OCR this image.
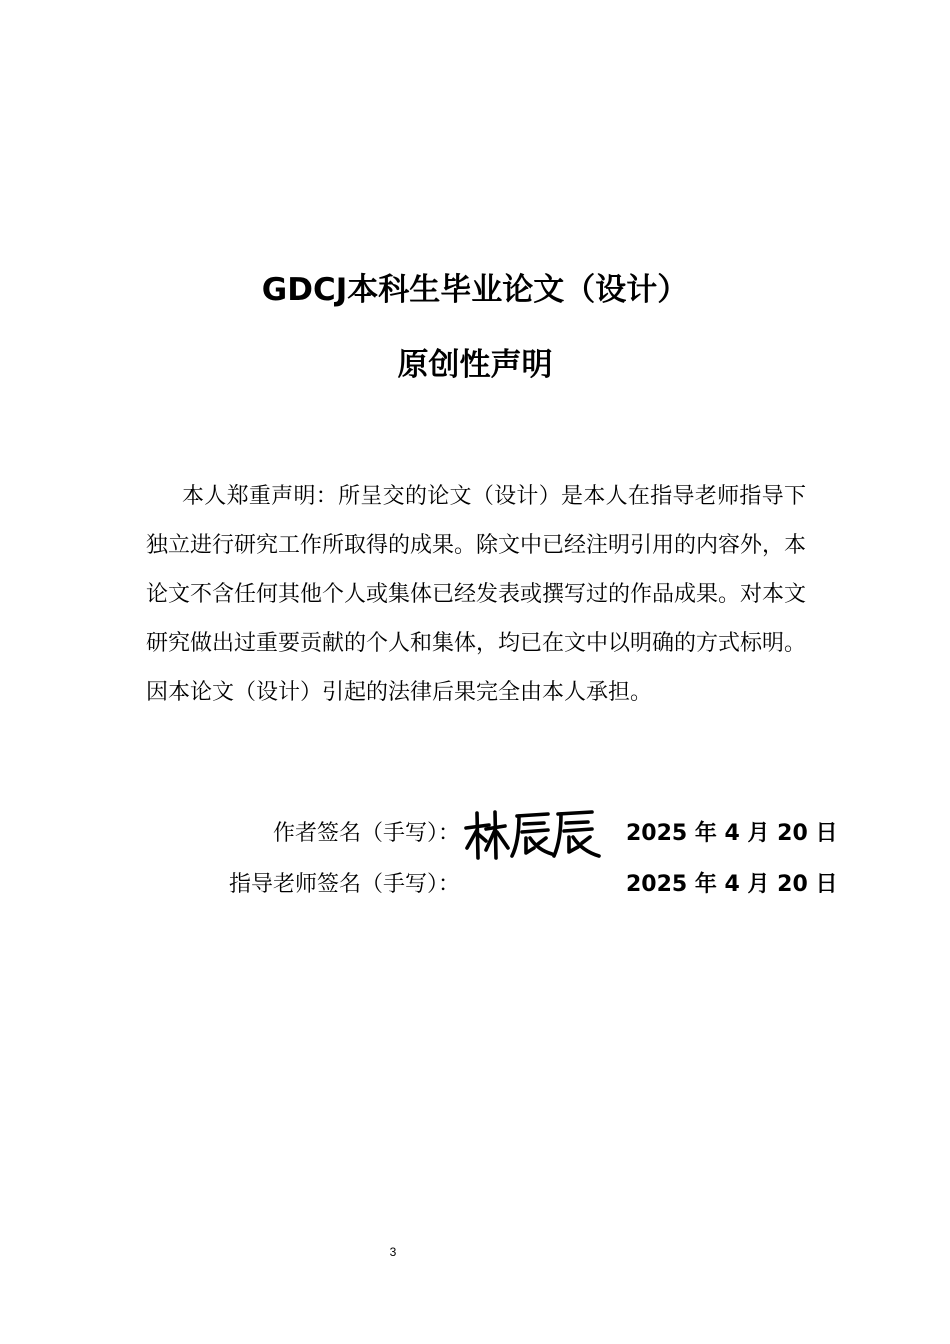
GDCJ本科生毕业论文（设计）
原创性声明

本人郑重声明：所呈交的论文（设计）是本人在指导老师指导下独立进行研究工作所取得的成果。除文中已经注明引用的内容外，本论文不含任何其他个人或集体已经发表或撰写过的作品成果。对本文研究做出过重要贡献的个人和集体，均已在文中以明确的方式标明。因本论文（设计）引起的法律后果完全由本人承担。

作者签名（手写）：	2025 年 4 月 20 日
指导老师签名（手写）：	2025 年 4 月 20 日
3
